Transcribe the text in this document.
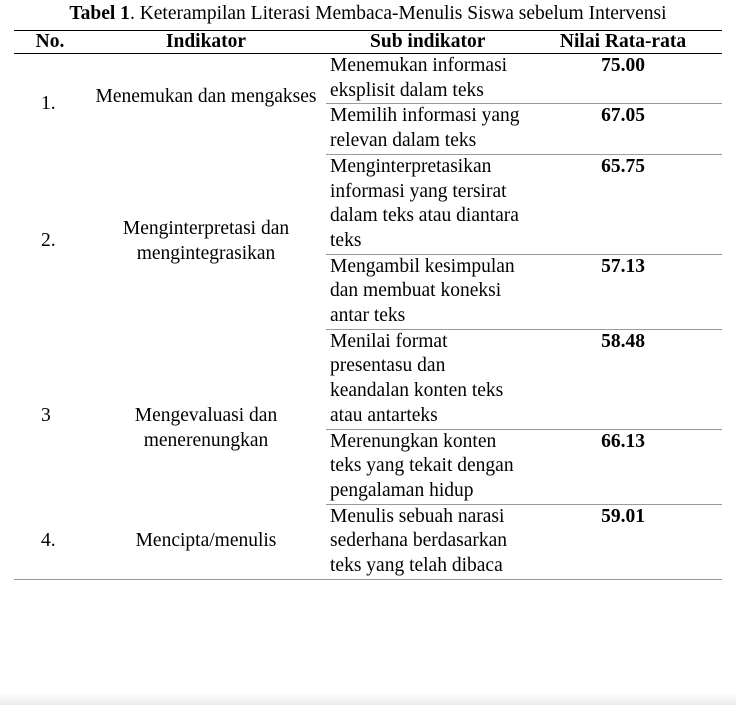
Tabel 1. Keterampilan Literasi Membaca-Menulis Siswa sebelum Intervensi
No.	Indikator	Sub indikator	Nilai Rata-rata
1.	Menemukan dan mengakses	Menemukan informasi eksplisit dalam teks	75.00
		Memilih informasi yang relevan dalam teks	67.05
2.	Menginterpretasi dan mengintegrasikan	Menginterpretasikan informasi yang tersirat dalam teks atau diantara teks	65.75
		Mengambil kesimpulan dan membuat koneksi antar teks	57.13
3	Mengevaluasi dan menerenungkan	Menilai format presentasu dan keandalan konten teks atau antarteks	58.48
		Merenungkan konten teks yang tekait dengan pengalaman hidup	66.13
4.	Mencipta/menulis	Menulis sebuah narasi sederhana berdasarkan teks yang telah dibaca	59.01
